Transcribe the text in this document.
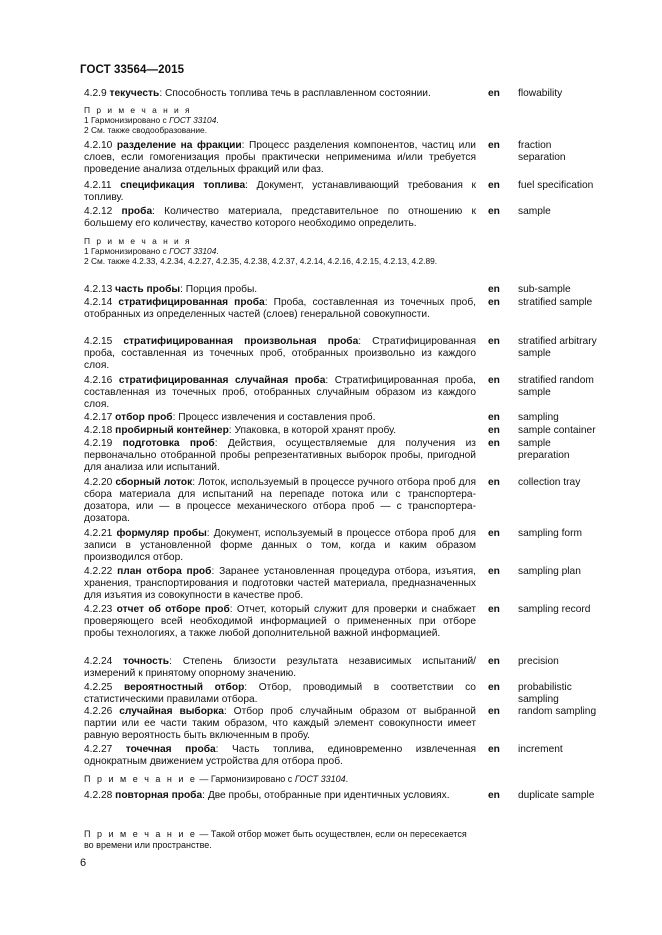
ГОСТ 33564—2015
4.2.9 текучесть: Способность топлива течь в расплавленном состоянии.	en flowability
П р и м е ч а н и я
1 Гармонизировано с ГОСТ 33104.
2 См. также сводообразование.
4.2.10 разделение на фракции: Процесс разделения компонентов, частиц или слоев, если гомогенизация пробы практически неприменима и/или требуется проведение анализа отдельных фракций или фаз.
en fraction separation
4.2.11 спецификация топлива: Документ, устанавливающий требования к топливу.
en fuel specification
4.2.12 проба: Количество материала, представительное по отношению к большему его количеству, качество которого необходимо определить.
en sample
П р и м е ч а н и я
1 Гармонизировано с ГОСТ 33104.
2 См. также 4.2.33, 4.2.34, 4.2.27, 4.2.35, 4.2.38, 4.2.37, 4.2.14, 4.2.16, 4.2.15, 4.2.13, 4.2.89.
4.2.13 часть пробы: Порция пробы.	en sub-sample
4.2.14 стратифицированная проба: Проба, составленная из точечных проб, отобранных из определенных частей (слоев) генеральной совокупности.
en stratified sample
4.2.15 стратифицированная произвольная проба: Стратифицированная проба, составленная из точечных проб, отобранных произвольно из каждого слоя.
en stratified arbitrary sample
4.2.16 стратифицированная случайная проба: Стратифицированная проба, составленная из точечных проб, отобранных случайным образом из каждого слоя.
en stratified random sample
4.2.17 отбор проб: Процесс извлечения и составления проб.	en sampling
4.2.18 пробирный контейнер: Упаковка, в которой хранят пробу.	en sample container
4.2.19 подготовка проб: Действия, осуществляемые для получения из первоначально отобранной пробы репрезентативных выборок пробы, пригодной для анализа или испытаний.
en sample preparation
4.2.20 сборный лоток: Лоток, используемый в процессе ручного отбора проб для сбора материала для испытаний на перепаде потока или с транспортера-дозатора, или — в процессе механического отбора проб — с транспортера-дозатора.
en collection tray
4.2.21 формуляр пробы: Документ, используемый в процессе отбора проб для записи в установленной форме данных о том, когда и каким образом производился отбор.
en sampling form
4.2.22 план отбора проб: Заранее установленная процедура отбора, изъятия, хранения, транспортирования и подготовки частей материала, предназначенных для изъятия из совокупности в качестве проб.
en sampling plan
4.2.23 отчет об отборе проб: Отчет, который служит для проверки и снабжает проверяющего всей необходимой информацией о примененных при отборе пробы технологиях, а также любой дополнительной важной информацией.
en sampling record
4.2.24 точность: Степень близости результата независимых испытаний/измерений к принятому опорному значению.
en precision
4.2.25 вероятностный отбор: Отбор, проводимый в соответствии со статистическими правилами отбора.
en probabilistic sampling
4.2.26 случайная выборка: Отбор проб случайным образом от выбранной партии или ее части таким образом, что каждый элемент совокупности имеет равную вероятность быть включенным в пробу.
en random sampling
4.2.27 точечная проба: Часть топлива, единовременно извлеченная однократным движением устройства для отбора проб.
en increment
П р и м е ч а н и е — Гармонизировано с ГОСТ 33104.
4.2.28 повторная проба: Две пробы, отобранные при идентичных условиях.	en duplicate sample
П р и м е ч а н и е — Такой отбор может быть осуществлен, если он пересекается во времени или пространстве.
6
